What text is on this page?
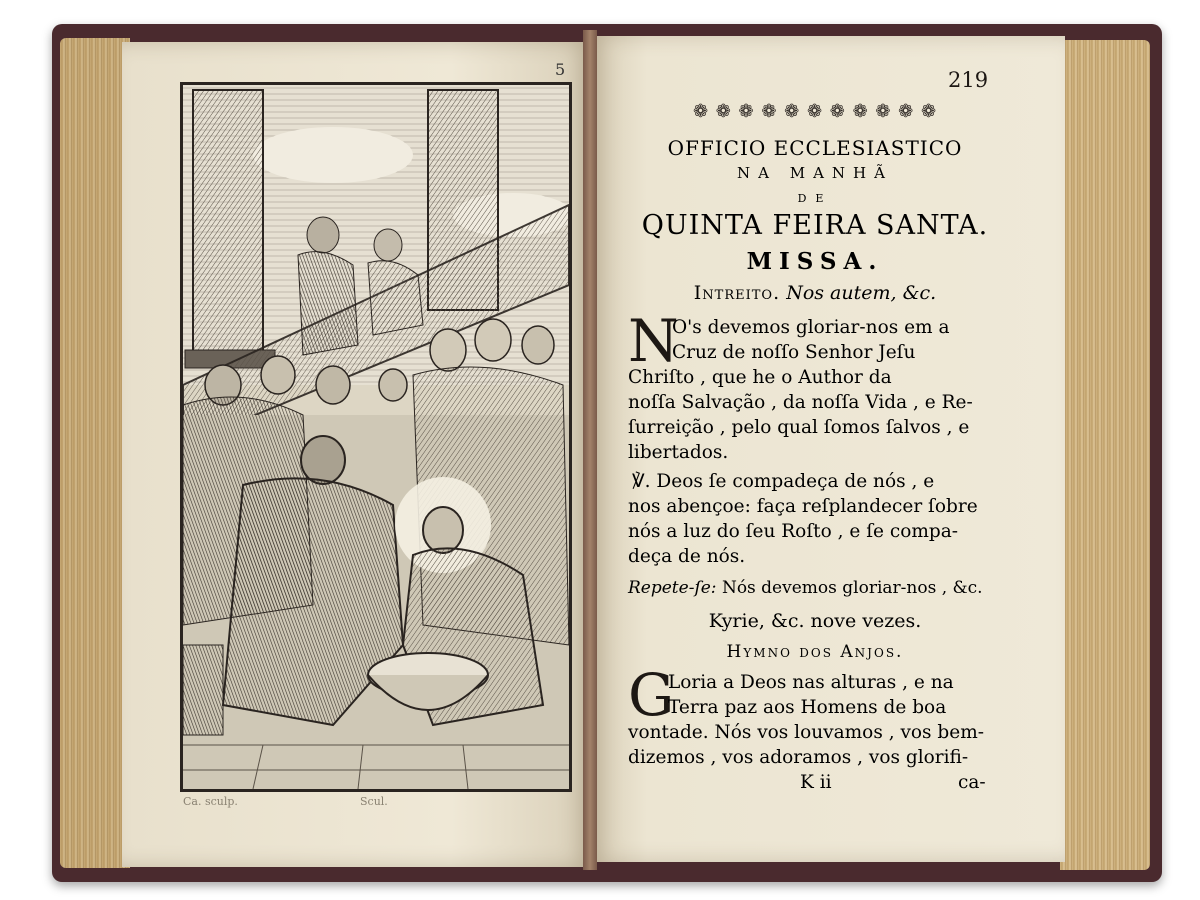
5
Ca. sculp.	Scul.
219
❁ ❁ ❁ ❁ ❁ ❁ ❁ ❁ ❁ ❁ ❁
OFFICIO ECCLESIASTICO
NA MANHÃ
DE
QUINTA FEIRA SANTA.
MISSA.
Intreito. Nos autem, &c.
N
O's devemos gloriar-nos em a
Cruz de noſſo Senhor Jeſu
Chriſto , que he o Author da
noſſa Salvação , da noſſa Vida , e Re-
ſurreição , pelo qual ſomos ſalvos , e
libertados.
℣. Deos ſe compadeça de nós , e
nos abençoe: faça reſplandecer ſobre
nós a luz do ſeu Roſto , e ſe compa-
deça de nós.
Repete-ſe: Nós devemos gloriar-nos , &c.
Kyrie, &c. nove vezes.
Hymno dos Anjos.
G
Loria a Deos nas alturas , e na
Terra paz aos Homens de boa
vontade. Nós vos louvamos , vos bem-
dizemos , vos adoramos , vos glorifi-
K ii	ca-
